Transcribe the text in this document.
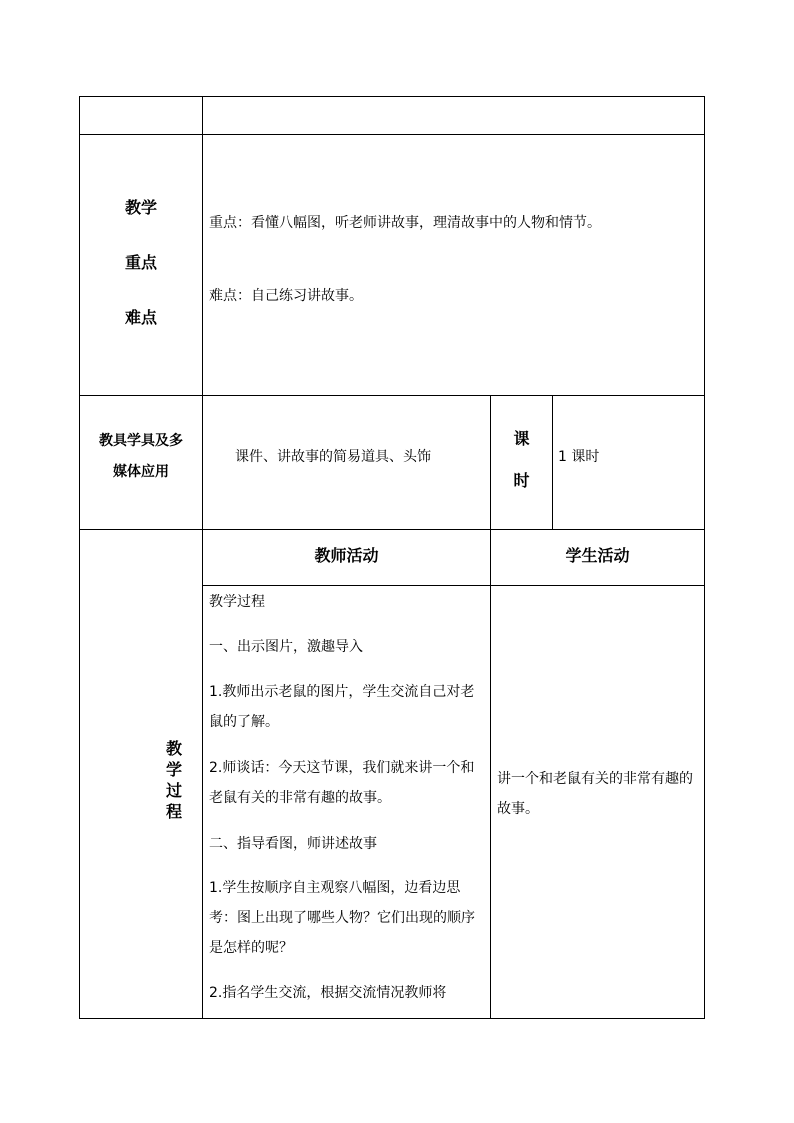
教学
重点
难点
重点：看懂八幅图，听老师讲故事，理清故事中的人物和情节。
难点：自己练习讲故事。
教具学具及多
媒体应用
课件、讲故事的简易道具、头饰
课
时
1 课时
教
学
过
程
教师活动	学生活动

教学过程

一、出示图片，激趣导入

1.教师出示老鼠的图片，学生交流自己对老鼠的了解。

2.师谈话：今天这节课，我们就来讲一个和老鼠有关的非常有趣的故事。

二、指导看图，师讲述故事

1.学生按顺序自主观察八幅图，边看边思考：图上出现了哪些人物？它们出现的顺序是怎样的呢？

2.指名学生交流，根据交流情况教师将

讲一个和老鼠有关的非常有趣的故事。
